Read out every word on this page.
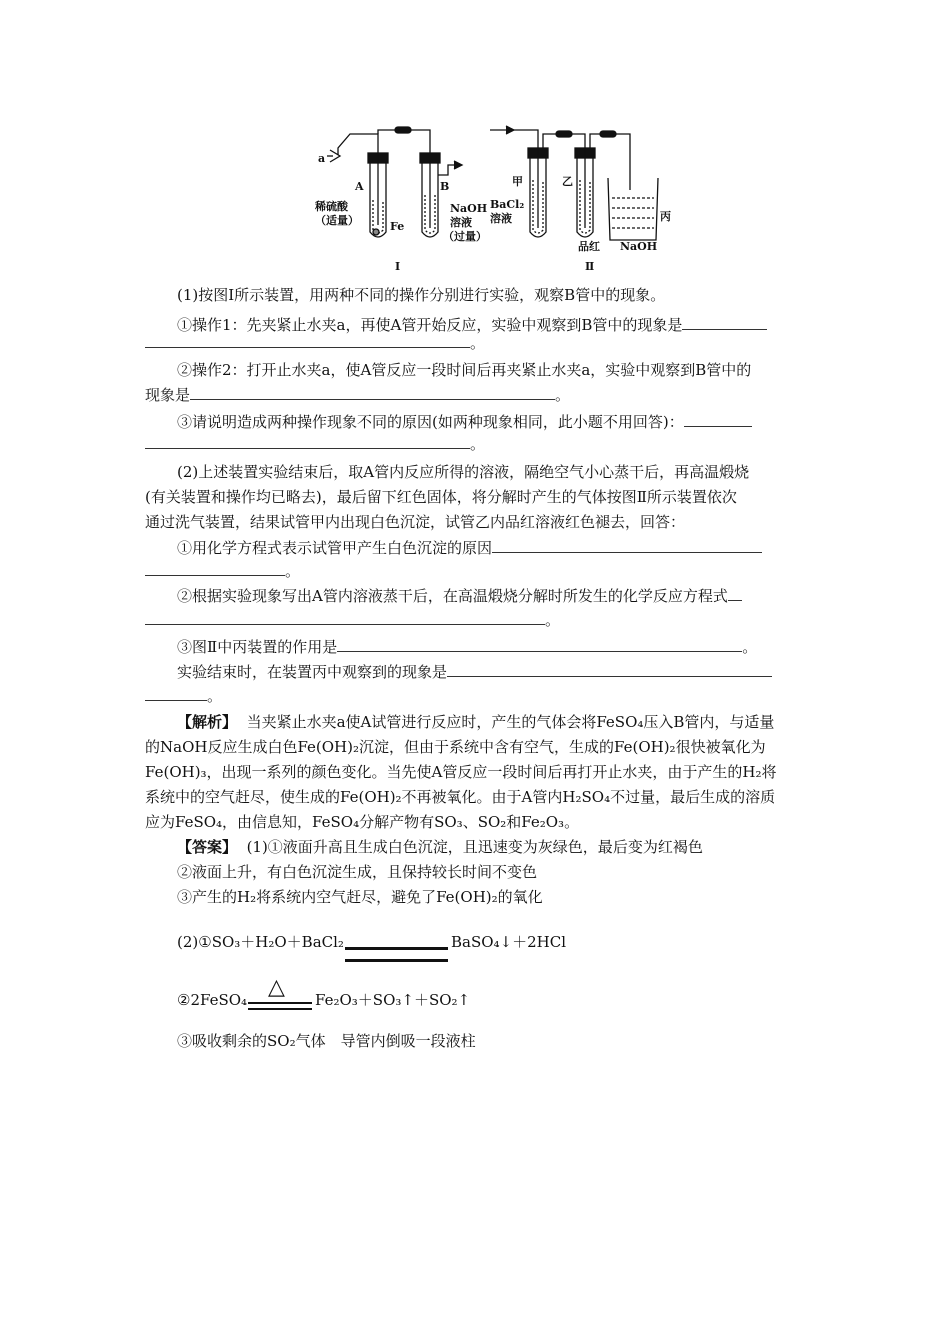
a
A	B
稀硫酸
（适量）	Fe
NaOH
溶液
（过量）
Ⅰ
甲	乙
丙
BaCl₂
溶液
品红 NaOH
Ⅱ
(1)按图Ⅰ所示装置，用两种不同的操作分别进行实验，观察B管中的现象。
①操作1：先夹紧止水夹a，再使A管开始反应，实验中观察到B管中的现象是
。
②操作2：打开止水夹a，使A管反应一段时间后再夹紧止水夹a，实验中观察到B管中的
现象是	。
③请说明造成两种操作现象不同的原因(如两种现象相同，此小题不用回答)：
。
(2)上述装置实验结束后，取A管内反应所得的溶液，隔绝空气小心蒸干后，再高温煅烧
(有关装置和操作均已略去)，最后留下红色固体，将分解时产生的气体按图Ⅱ所示装置依次
通过洗气装置，结果试管甲内出现白色沉淀，试管乙内品红溶液红色褪去，回答：
①用化学方程式表示试管甲产生白色沉淀的原因
。
②根据实验现象写出A管内溶液蒸干后，在高温煅烧分解时所发生的化学反应方程式
。
③图Ⅱ中丙装置的作用是	。
实验结束时，在装置丙中观察到的现象是
。
【解析】 当夹紧止水夹a使A试管进行反应时，产生的气体会将FeSO₄压入B管内，与适量
的NaOH反应生成白色Fe(OH)₂沉淀，但由于系统中含有空气，生成的Fe(OH)₂很快被氧化为
Fe(OH)₃，出现一系列的颜色变化。当先使A管反应一段时间后再打开止水夹，由于产生的H₂将
系统中的空气赶尽，使生成的Fe(OH)₂不再被氧化。由于A管内H₂SO₄不过量，最后生成的溶质
应为FeSO₄，由信息知，FeSO₄分解产物有SO₃、SO₂和Fe₂O₃。
【答案】 (1)①液面升高且生成白色沉淀，且迅速变为灰绿色，最后变为红褐色
②液面上升，有白色沉淀生成，且保持较长时间不变色
③产生的H₂将系统内空气赶尽，避免了Fe(OH)₂的氧化
(2)①SO₃＋H₂O＋BaCl₂	BaSO₄↓＋2HCl
②2FeSO₄ △ Fe₂O₃＋SO₃↑＋SO₂↑
③吸收剩余的SO₂气体　导管内倒吸一段液柱
